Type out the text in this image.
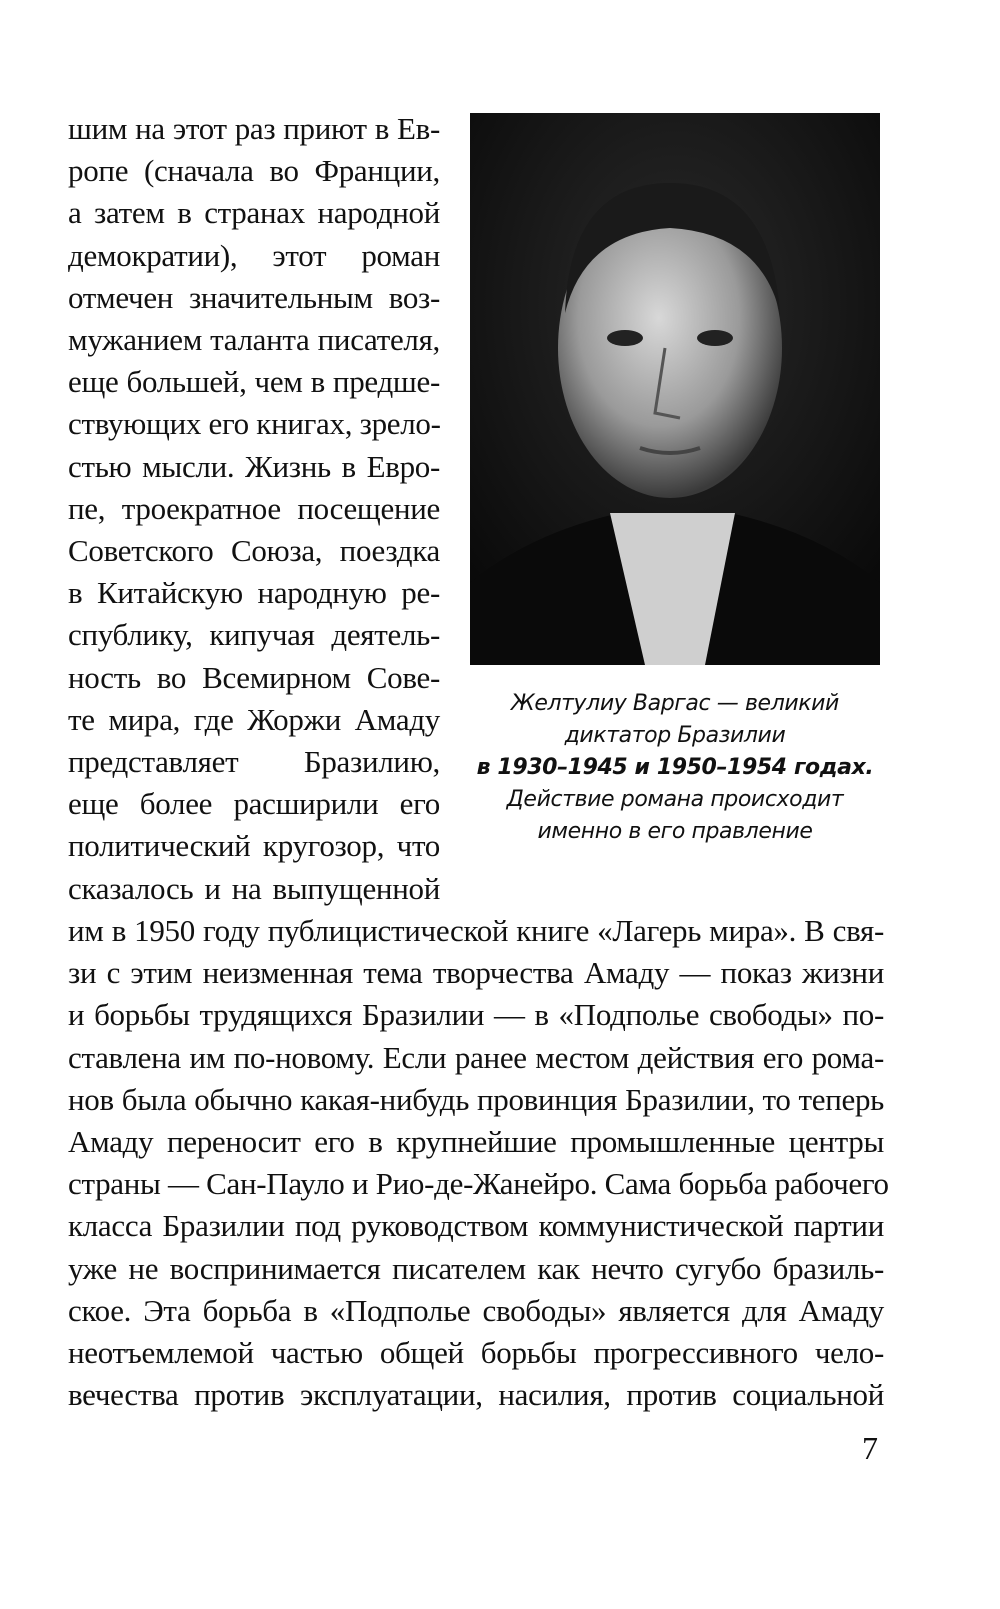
шим на этот раз приют в Ев-
ропе (сначала во Франции,
а затем в странах народной
демократии), этот роман
отмечен значительным воз-
мужанием таланта писателя,
еще большей, чем в предше-
ствующих его книгах, зрело-
стью мысли. Жизнь в Евро-
пе, троекратное посещение
Советского Союза, поездка
в Китайскую народную ре-
спублику, кипучая деятель-
ность во Всемирном Сове-
те мира, где Жоржи Амаду
представляет Бразилию,
еще более расширили его
политический кругозор, что
сказалось и на выпущенной
Желтулиу Варгас — великий
диктатор Бразилии
в 1930–1945 и 1950–1954 годах.
Действие романа происходит
именно в его правление
им в 1950 году публицистической книге «Лагерь мира». В свя-
зи с этим неизменная тема творчества Амаду — показ жизни
и борьбы трудящихся Бразилии — в «Подполье свободы» по-
ставлена им по-новому. Если ранее местом действия его рома-
нов была обычно какая-нибудь провинция Бразилии, то теперь
Амаду переносит его в крупнейшие промышленные центры
страны — Сан-Пауло и Рио-де-Жанейро. Сама борьба рабочего
класса Бразилии под руководством коммунистической партии
уже не воспринимается писателем как нечто сугубо бразиль-
ское. Эта борьба в «Подполье свободы» является для Амаду
неотъемлемой частью общей борьбы прогрессивного чело-
вечества против эксплуатации, насилия, против социальной
7
